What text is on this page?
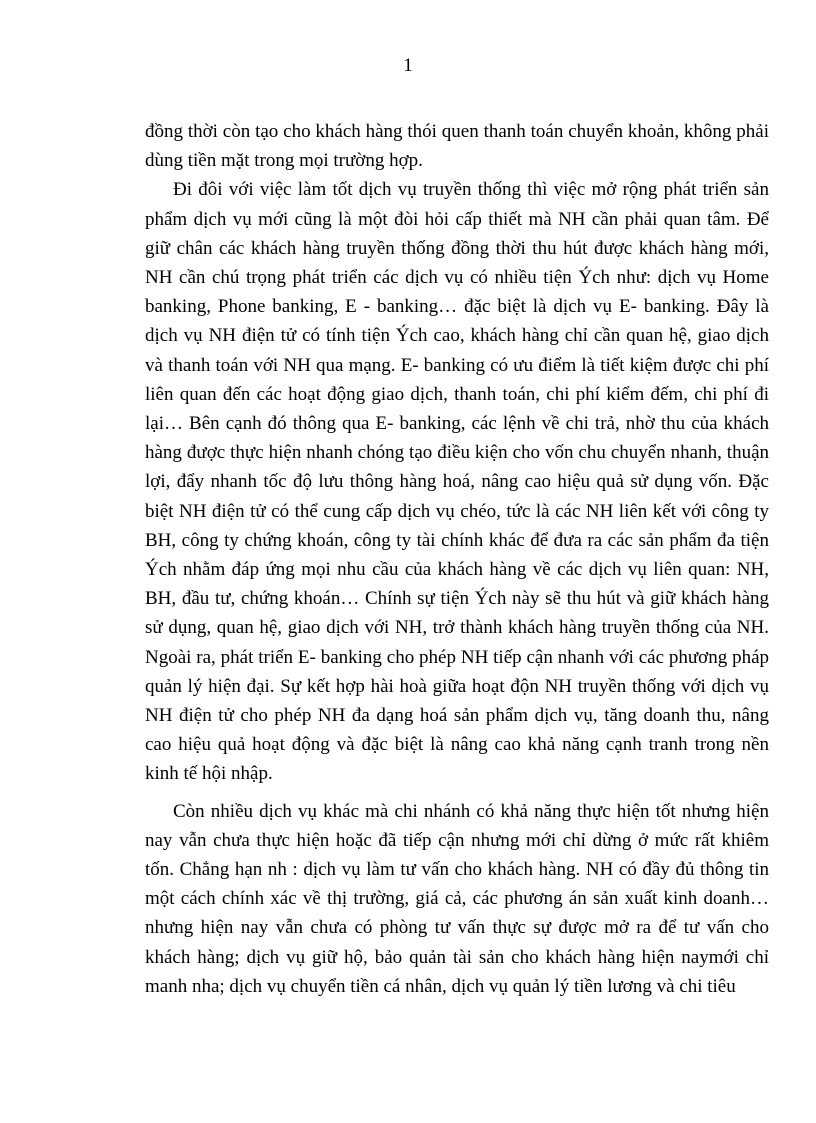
1

đồng thời còn tạo cho khách hàng thói quen thanh toán chuyển khoản, không phải dùng tiền mặt trong mọi trường hợp.

Đi đôi với việc làm tốt dịch vụ truyền thống thì việc mở rộng phát triển sản phẩm dịch vụ mới cũng là một đòi hỏi cấp thiết mà NH cần phải quan tâm. Để giữ chân các khách hàng truyền thống đồng thời thu hút được khách hàng mới, NH cần chú trọng phát triển các dịch vụ có nhiều tiện Ých như: dịch vụ Home banking, Phone banking, E - banking… đặc biệt là dịch vụ E- banking. Đây là dịch vụ NH điện tử có tính tiện Ých cao, khách hàng chỉ cần quan hệ, giao dịch và thanh toán với NH qua mạng. E- banking có ưu điểm là tiết kiệm được chi phí liên quan đến các hoạt động giao dịch, thanh toán, chi phí kiểm đếm, chi phí đi lại… Bên cạnh đó thông qua E- banking, các lệnh về chi trả, nhờ thu của khách hàng được thực hiện nhanh chóng tạo điều kiện cho vốn chu chuyển nhanh, thuận lợi, đẩy nhanh tốc độ lưu thông hàng hoá, nâng cao hiệu quả sử dụng vốn. Đặc biệt NH điện tử có thể cung cấp dịch vụ chéo, tức là các NH liên kết với công ty BH, công ty chứng khoán, công ty tài chính khác để đưa ra các sản phẩm đa tiện Ých nhằm đáp ứng mọi nhu cầu của khách hàng về các dịch vụ liên quan: NH, BH, đầu tư, chứng khoán… Chính sự tiện Ých này sẽ thu hút và giữ khách hàng sử dụng, quan hệ, giao dịch với NH, trở thành khách hàng truyền thống của NH. Ngoài ra, phát triển E- banking cho phép NH tiếp cận nhanh với các phương pháp quản lý hiện đại. Sự kết hợp hài hoà giữa hoạt độn NH truyền thống với dịch vụ NH điện tử cho phép NH đa dạng hoá sản phẩm dịch vụ, tăng doanh thu, nâng cao hiệu quả hoạt động và đặc biệt là nâng cao khả năng cạnh tranh trong nền kinh tế hội nhập.

Còn nhiều dịch vụ khác mà chi nhánh có khả năng thực hiện tốt nhưng hiện nay vẫn chưa thực hiện hoặc đã tiếp cận nhưng mới chỉ dừng ở mức rất khiêm tốn. Chẳng hạn nh : dịch vụ làm tư vấn cho khách hàng. NH có đầy đủ thông tin một cách chính xác về thị trường, giá cả, các phương án sản xuất kinh doanh… nhưng hiện nay vẫn chưa có phòng tư vấn thực sự được mở ra để tư vấn cho khách hàng; dịch vụ giữ hộ, bảo quản tài sản cho khách hàng hiện naymới chỉ manh nha; dịch vụ chuyển tiền cá nhân, dịch vụ quản lý tiền lương và chi tiêu
